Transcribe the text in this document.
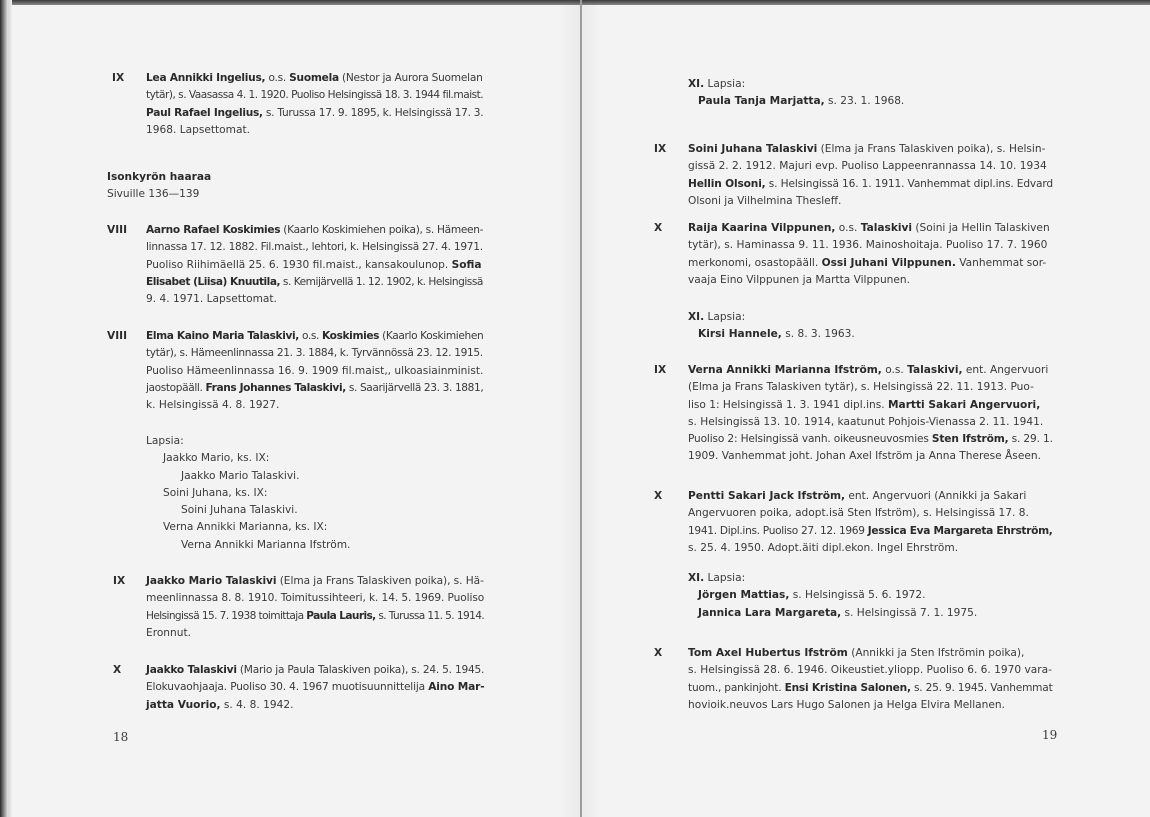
IX Lea Annikki Ingelius, o.s. Suomela (Nestor ja Aurora Suomelan
tytär), s. Vaasassa 4. 1. 1920. Puoliso Helsingissä 18. 3. 1944 fil.maist.
Paul Rafael Ingelius, s. Turussa 17. 9. 1895, k. Helsingissä 17. 3.
1968. Lapsettomat.
Isonkyrön haaraa
Sivuille 136—139
VIII Aarno Rafael Koskimies (Kaarlo Koskimiehen poika), s. Hämeen-
linnassa 17. 12. 1882. Fil.maist., lehtori, k. Helsingissä 27. 4. 1971.
Puoliso Riihimäellä 25. 6. 1930 fil.maist., kansakoulunop. Sofia
Elisabet (Liisa) Knuutila, s. Kemijärvellä 1. 12. 1902, k. Helsingissä
9. 4. 1971. Lapsettomat.
VIII Elma Kaino Maria Talaskivi, o.s. Koskimies (Kaarlo Koskimiehen
tytär), s. Hämeenlinnassa 21. 3. 1884, k. Tyrvännössä 23. 12. 1915.
Puoliso Hämeenlinnassa 16. 9. 1909 fil.maist,, ulkoasiainminist.
jaostopääll. Frans Johannes Talaskivi, s. Saarijärvellä 23. 3. 1881,
k. Helsingissä 4. 8. 1927.
Lapsia:
Jaakko Mario, ks. IX:
Jaakko Mario Talaskivi.
Soini Juhana, ks. IX:
Soini Juhana Talaskivi.
Verna Annikki Marianna, ks. IX:
Verna Annikki Marianna Ifström.
IX Jaakko Mario Talaskivi (Elma ja Frans Talaskiven poika), s. Hä-
meenlinnassa 8. 8. 1910. Toimitussihteeri, k. 14. 5. 1969. Puoliso
Helsingissä 15. 7. 1938 toimittaja Paula Lauris, s. Turussa 11. 5. 1914.
Eronnut.
X Jaakko Talaskivi (Mario ja Paula Talaskiven poika), s. 24. 5. 1945.
Elokuvaohjaaja. Puoliso 30. 4. 1967 muotisuunnittelija Aino Mar-
jatta Vuorio, s. 4. 8. 1942.
18
XI. Lapsia:
Paula Tanja Marjatta, s. 23. 1. 1968.
IX Soini Juhana Talaskivi (Elma ja Frans Talaskiven poika), s. Helsin-
gissä 2. 2. 1912. Majuri evp. Puoliso Lappeenrannassa 14. 10. 1934
Hellin Olsoni, s. Helsingissä 16. 1. 1911. Vanhemmat dipl.ins. Edvard
Olsoni ja Vilhelmina Thesleff.
X Raija Kaarina Vilppunen, o.s. Talaskivi (Soini ja Hellin Talaskiven
tytär), s. Haminassa 9. 11. 1936. Mainoshoitaja. Puoliso 17. 7. 1960
merkonomi, osastopääll. Ossi Juhani Vilppunen. Vanhemmat sor-
vaaja Eino Vilppunen ja Martta Vilppunen.
XI. Lapsia:
Kirsi Hannele, s. 8. 3. 1963.
IX Verna Annikki Marianna Ifström, o.s. Talaskivi, ent. Angervuori
(Elma ja Frans Talaskiven tytär), s. Helsingissä 22. 11. 1913. Puo-
liso 1: Helsingissä 1. 3. 1941 dipl.ins. Martti Sakari Angervuori,
s. Helsingissä 13. 10. 1914, kaatunut Pohjois-Vienassa 2. 11. 1941.
Puoliso 2: Helsingissä vanh. oikeusneuvosmies Sten Ifström, s. 29. 1.
1909. Vanhemmat joht. Johan Axel Ifström ja Anna Therese Åseen.
X Pentti Sakari Jack Ifström, ent. Angervuori (Annikki ja Sakari
Angervuoren poika, adopt.isä Sten Ifström), s. Helsingissä 17. 8.
1941. Dipl.ins. Puoliso 27. 12. 1969 Jessica Eva Margareta Ehrström,
s. 25. 4. 1950. Adopt.äiti dipl.ekon. Ingel Ehrström.
XI. Lapsia:
Jörgen Mattias, s. Helsingissä 5. 6. 1972.
Jannica Lara Margareta, s. Helsingissä 7. 1. 1975.
X Tom Axel Hubertus Ifström (Annikki ja Sten Ifströmin poika),
s. Helsingissä 28. 6. 1946. Oikeustiet.yliopp. Puoliso 6. 6. 1970 vara-
tuom., pankinjoht. Ensi Kristina Salonen, s. 25. 9. 1945. Vanhemmat
hovioik.neuvos Lars Hugo Salonen ja Helga Elvira Mellanen.
19
